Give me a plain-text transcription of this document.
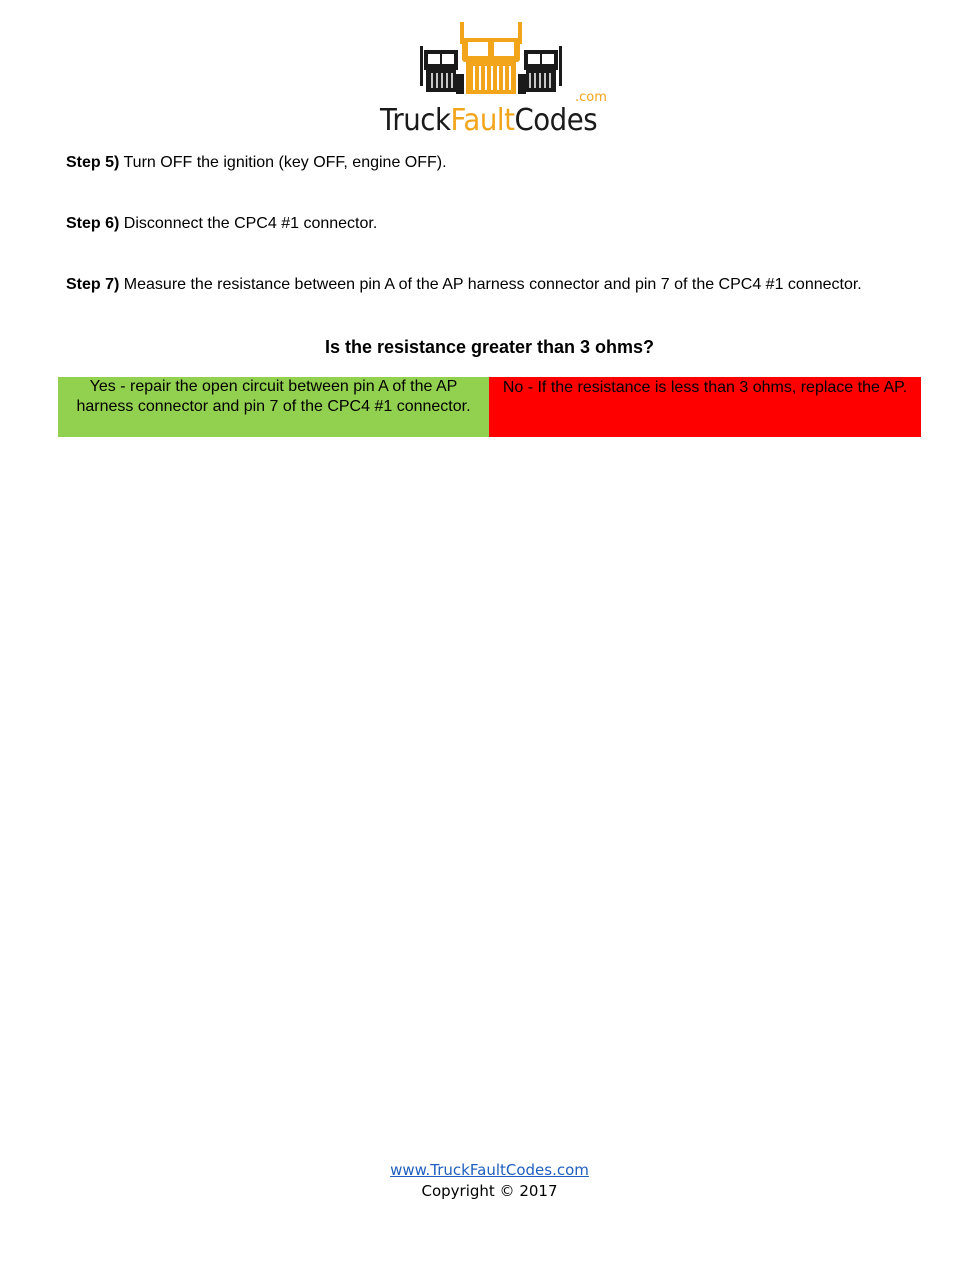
.com
TruckFaultCodes
Step 5) Turn OFF the ignition (key OFF, engine OFF).
Step 6) Disconnect the CPC4 #1 connector.
Step 7) Measure the resistance between pin A of the AP harness connector and pin 7 of the CPC4 #1 connector.
Is the resistance greater than 3 ohms?
Yes - repair the open circuit between pin A of the AP harness connector and pin 7 of the CPC4 #1 connector.
No - If the resistance is less than 3 ohms, replace the AP.
www.TruckFaultCodes.com
Copyright © 2017
